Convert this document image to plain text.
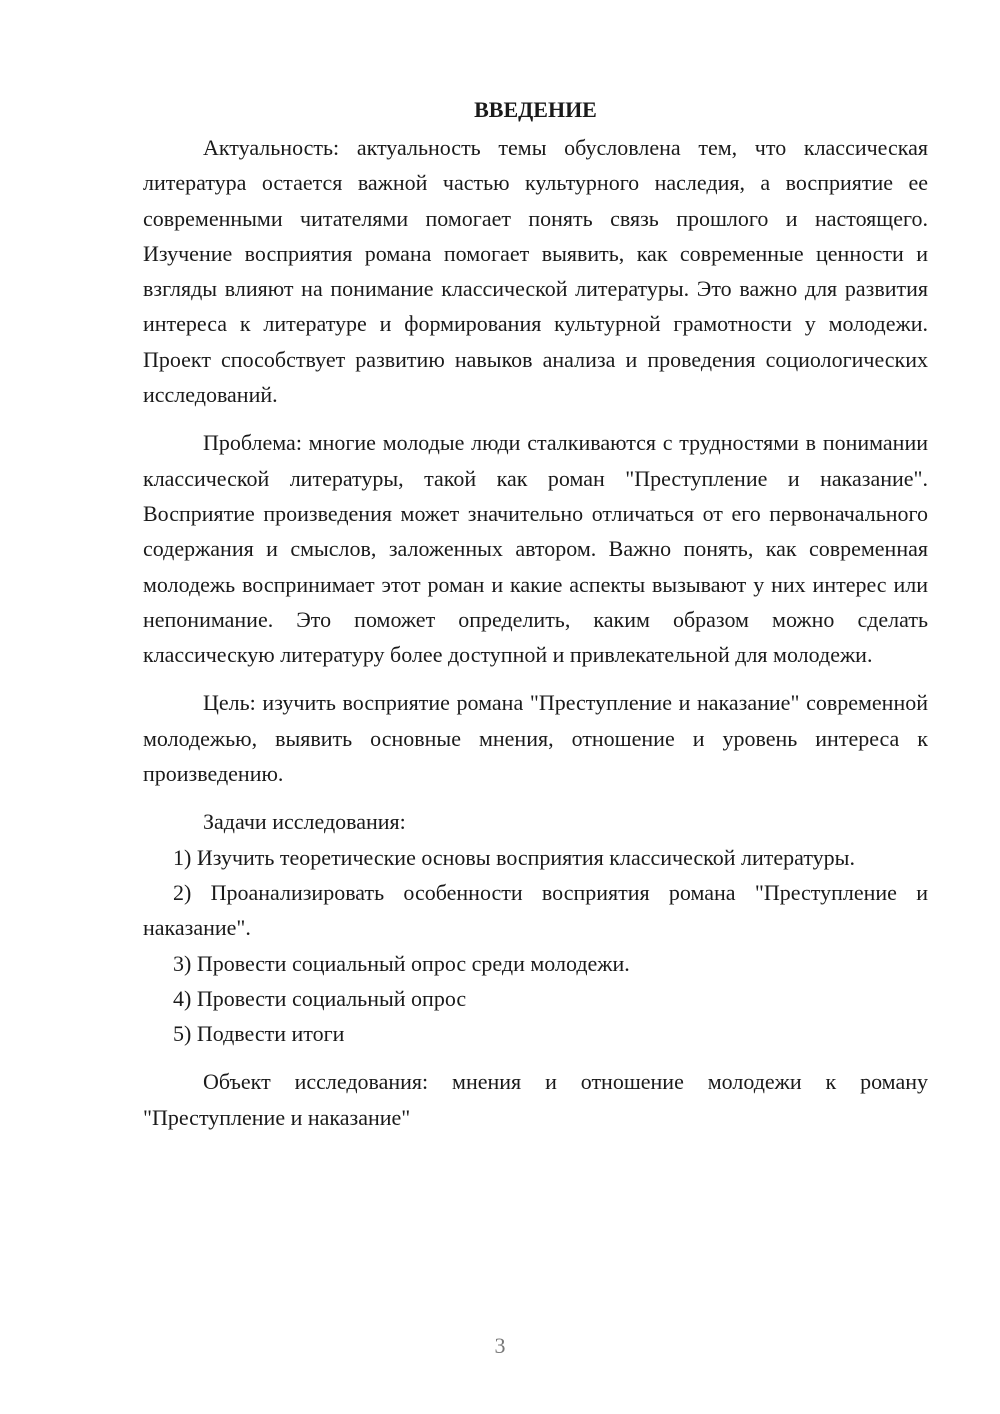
ВВЕДЕНИЕ

Актуальность: актуальность темы обусловлена тем, что классическая литература остается важной частью культурного наследия, а восприятие ее современными читателями помогает понять связь прошлого и настоящего. Изучение восприятия романа помогает выявить, как современные ценности и взгляды влияют на понимание классической литературы. Это важно для развития интереса к литературе и формирования культурной грамотности у молодежи. Проект способствует развитию навыков анализа и проведения социологических исследований.

Проблема: многие молодые люди сталкиваются с трудностями в понимании классической литературы, такой как роман "Преступление и наказание". Восприятие произведения может значительно отличаться от его первоначального содержания и смыслов, заложенных автором. Важно понять, как современная молодежь воспринимает этот роман и какие аспекты вызывают у них интерес или непонимание. Это поможет определить, каким образом можно сделать классическую литературу более доступной и привлекательной для молодежи.

Цель: изучить восприятие романа "Преступление и наказание" современной молодежью, выявить основные мнения, отношение и уровень интереса к произведению.

Задачи исследования:

1) Изучить теоретические основы восприятия классической литературы.

2) Проанализировать особенности восприятия романа "Преступление и наказание".

3) Провести социальный опрос среди молодежи.

4) Провести социальный опрос

5) Подвести итоги

Объект исследования: мнения и отношение молодежи к роману "Преступление и наказание"

3
